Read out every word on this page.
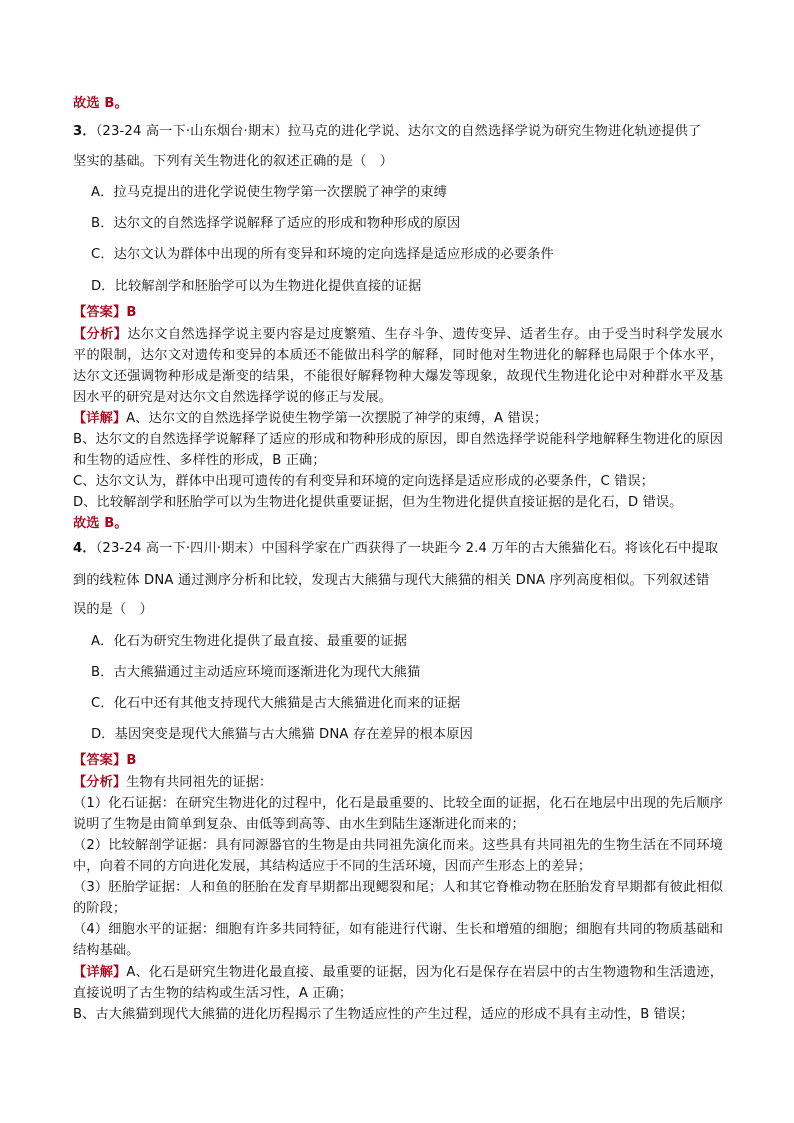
故选 B。
3．（23-24 高一下·山东烟台·期末）拉马克的进化学说、达尔文的自然选择学说为研究生物进化轨迹提供了
坚实的基础。下列有关生物进化的叙述正确的是（　）
A．拉马克提出的进化学说使生物学第一次摆脱了神学的束缚
B．达尔文的自然选择学说解释了适应的形成和物种形成的原因
C．达尔文认为群体中出现的所有变异和环境的定向选择是适应形成的必要条件
D．比较解剖学和胚胎学可以为生物进化提供直接的证据
【答案】B
【分析】达尔文自然选择学说主要内容是过度繁殖、生存斗争、遗传变异、适者生存。由于受当时科学发展水平的限制，达尔文对遗传和变异的本质还不能做出科学的解释，同时他对生物进化的解释也局限于个体水平，达尔文还强调物种形成是渐变的结果，不能很好解释物种大爆发等现象，故现代生物进化论中对种群水平及基因水平的研究是对达尔文自然选择学说的修正与发展。
【详解】A、达尔文的自然选择学说使生物学第一次摆脱了神学的束缚，A 错误；
B、达尔文的自然选择学说解释了适应的形成和物种形成的原因，即自然选择学说能科学地解释生物进化的原因和生物的适应性、多样性的形成，B 正确；
C、达尔文认为，群体中出现可遗传的有利变异和环境的定向选择是适应形成的必要条件，C 错误；
D、比较解剖学和胚胎学可以为生物进化提供重要证据，但为生物进化提供直接证据的是化石，D 错误。
故选 B。
4．（23-24 高一下·四川·期末）中国科学家在广西获得了一块距今 2.4 万年的古大熊猫化石。将该化石中提取
到的线粒体 DNA 通过测序分析和比较，发现古大熊猫与现代大熊猫的相关 DNA 序列高度相似。下列叙述错
误的是（　）
A．化石为研究生物进化提供了最直接、最重要的证据
B．古大熊猫通过主动适应环境而逐渐进化为现代大熊猫
C．化石中还有其他支持现代大熊猫是古大熊猫进化而来的证据
D．基因突变是现代大熊猫与古大熊猫 DNA 存在差异的根本原因
【答案】B
【分析】生物有共同祖先的证据：
（1）化石证据：在研究生物进化的过程中，化石是最重要的、比较全面的证据，化石在地层中出现的先后顺序说明了生物是由简单到复杂、由低等到高等、由水生到陆生逐渐进化而来的；
（2）比较解剖学证据：具有同源器官的生物是由共同祖先演化而来。这些具有共同祖先的生物生活在不同环境中，向着不同的方向进化发展，其结构适应于不同的生活环境，因而产生形态上的差异；
（3）胚胎学证据：人和鱼的胚胎在发育早期都出现鳃裂和尾；人和其它脊椎动物在胚胎发育早期都有彼此相似的阶段；
（4）细胞水平的证据：细胞有许多共同特征，如有能进行代谢、生长和增殖的细胞；细胞有共同的物质基础和结构基础。
【详解】A、化石是研究生物进化最直接、最重要的证据，因为化石是保存在岩层中的古生物遗物和生活遗迹，直接说明了古生物的结构或生活习性，A 正确；
B、古大熊猫到现代大熊猫的进化历程揭示了生物适应性的产生过程，适应的形成不具有主动性，B 错误；
